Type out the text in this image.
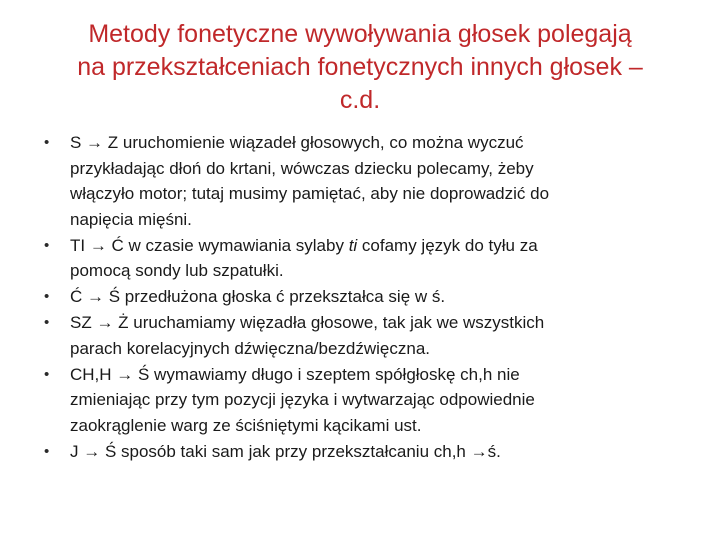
Metody fonetyczne wywoływania głosek polegają
na przekształceniach fonetycznych innych głosek –
c.d.
• S → Z uruchomienie wiązadeł głosowych, co można wyczuć
przykładając dłoń do krtani, wówczas dziecku polecamy, żeby
włączyło motor; tutaj musimy pamiętać, aby nie doprowadzić do
napięcia mięśni.
• TI → Ć w czasie wymawiania sylaby ti cofamy język do tyłu za
pomocą sondy lub szpatułki.
• Ć → Ś przedłużona głoska ć przekształca się w ś.
• SZ → Ż uruchamiamy więzadła głosowe, tak jak we wszystkich
parach korelacyjnych dźwięczna/bezdźwięczna.
• CH,H → Ś wymawiamy długo i szeptem spółgłoskę ch,h nie
zmieniając przy tym pozycji języka i wytwarzając odpowiednie
zaokrąglenie warg ze ściśniętymi kącikami ust.
• J → Ś sposób taki sam jak przy przekształcaniu ch,h →ś.
